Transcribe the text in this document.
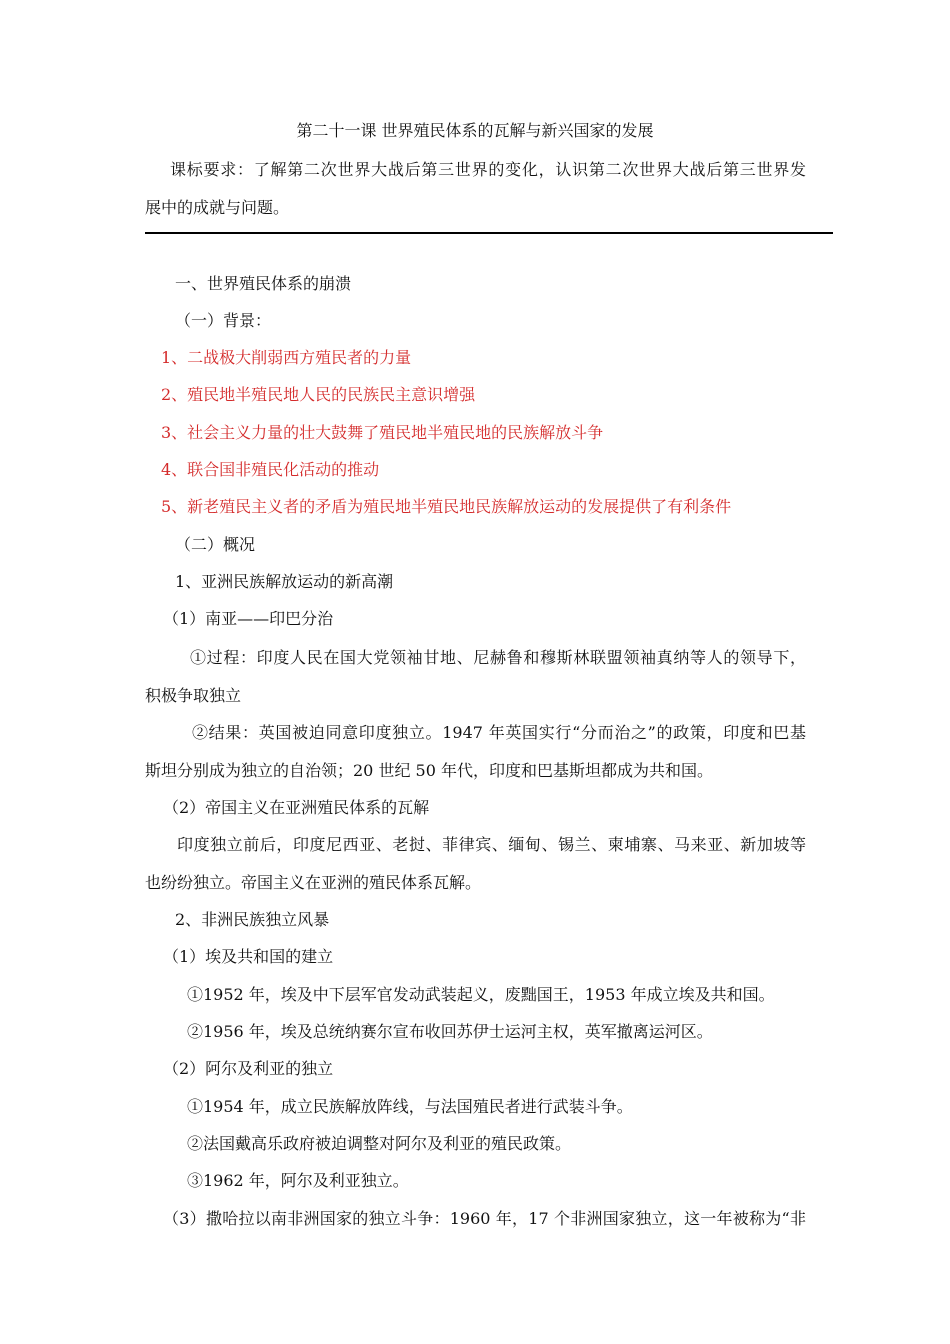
第二十一课 世界殖民体系的瓦解与新兴国家的发展
课标要求：了解第二次世界大战后第三世界的变化，认识第二次世界大战后第三世界发
展中的成就与问题。
一、世界殖民体系的崩溃
（一）背景：
1、二战极大削弱西方殖民者的力量
2、殖民地半殖民地人民的民族民主意识增强
3、社会主义力量的壮大鼓舞了殖民地半殖民地的民族解放斗争
4、联合国非殖民化活动的推动
5、新老殖民主义者的矛盾为殖民地半殖民地民族解放运动的发展提供了有利条件
（二）概况
1、亚洲民族解放运动的新高潮
（1）南亚——印巴分治
①过程：印度人民在国大党领袖甘地、尼赫鲁和穆斯林联盟领袖真纳等人的领导下，
积极争取独立
②结果：英国被迫同意印度独立。1947 年英国实行“分而治之”的政策，印度和巴基
斯坦分别成为独立的自治领；20 世纪 50 年代，印度和巴基斯坦都成为共和国。
（2）帝国主义在亚洲殖民体系的瓦解
印度独立前后，印度尼西亚、老挝、菲律宾、缅甸、锡兰、柬埔寨、马来亚、新加坡等
也纷纷独立。帝国主义在亚洲的殖民体系瓦解。
2、非洲民族独立风暴
（1）埃及共和国的建立
①1952 年，埃及中下层军官发动武装起义，废黜国王，1953 年成立埃及共和国。
②1956 年，埃及总统纳赛尔宣布收回苏伊士运河主权，英军撤离运河区。
（2）阿尔及利亚的独立
①1954 年，成立民族解放阵线，与法国殖民者进行武装斗争。
②法国戴高乐政府被迫调整对阿尔及利亚的殖民政策。
③1962 年，阿尔及利亚独立。
（3）撒哈拉以南非洲国家的独立斗争：1960 年，17 个非洲国家独立，这一年被称为“非
